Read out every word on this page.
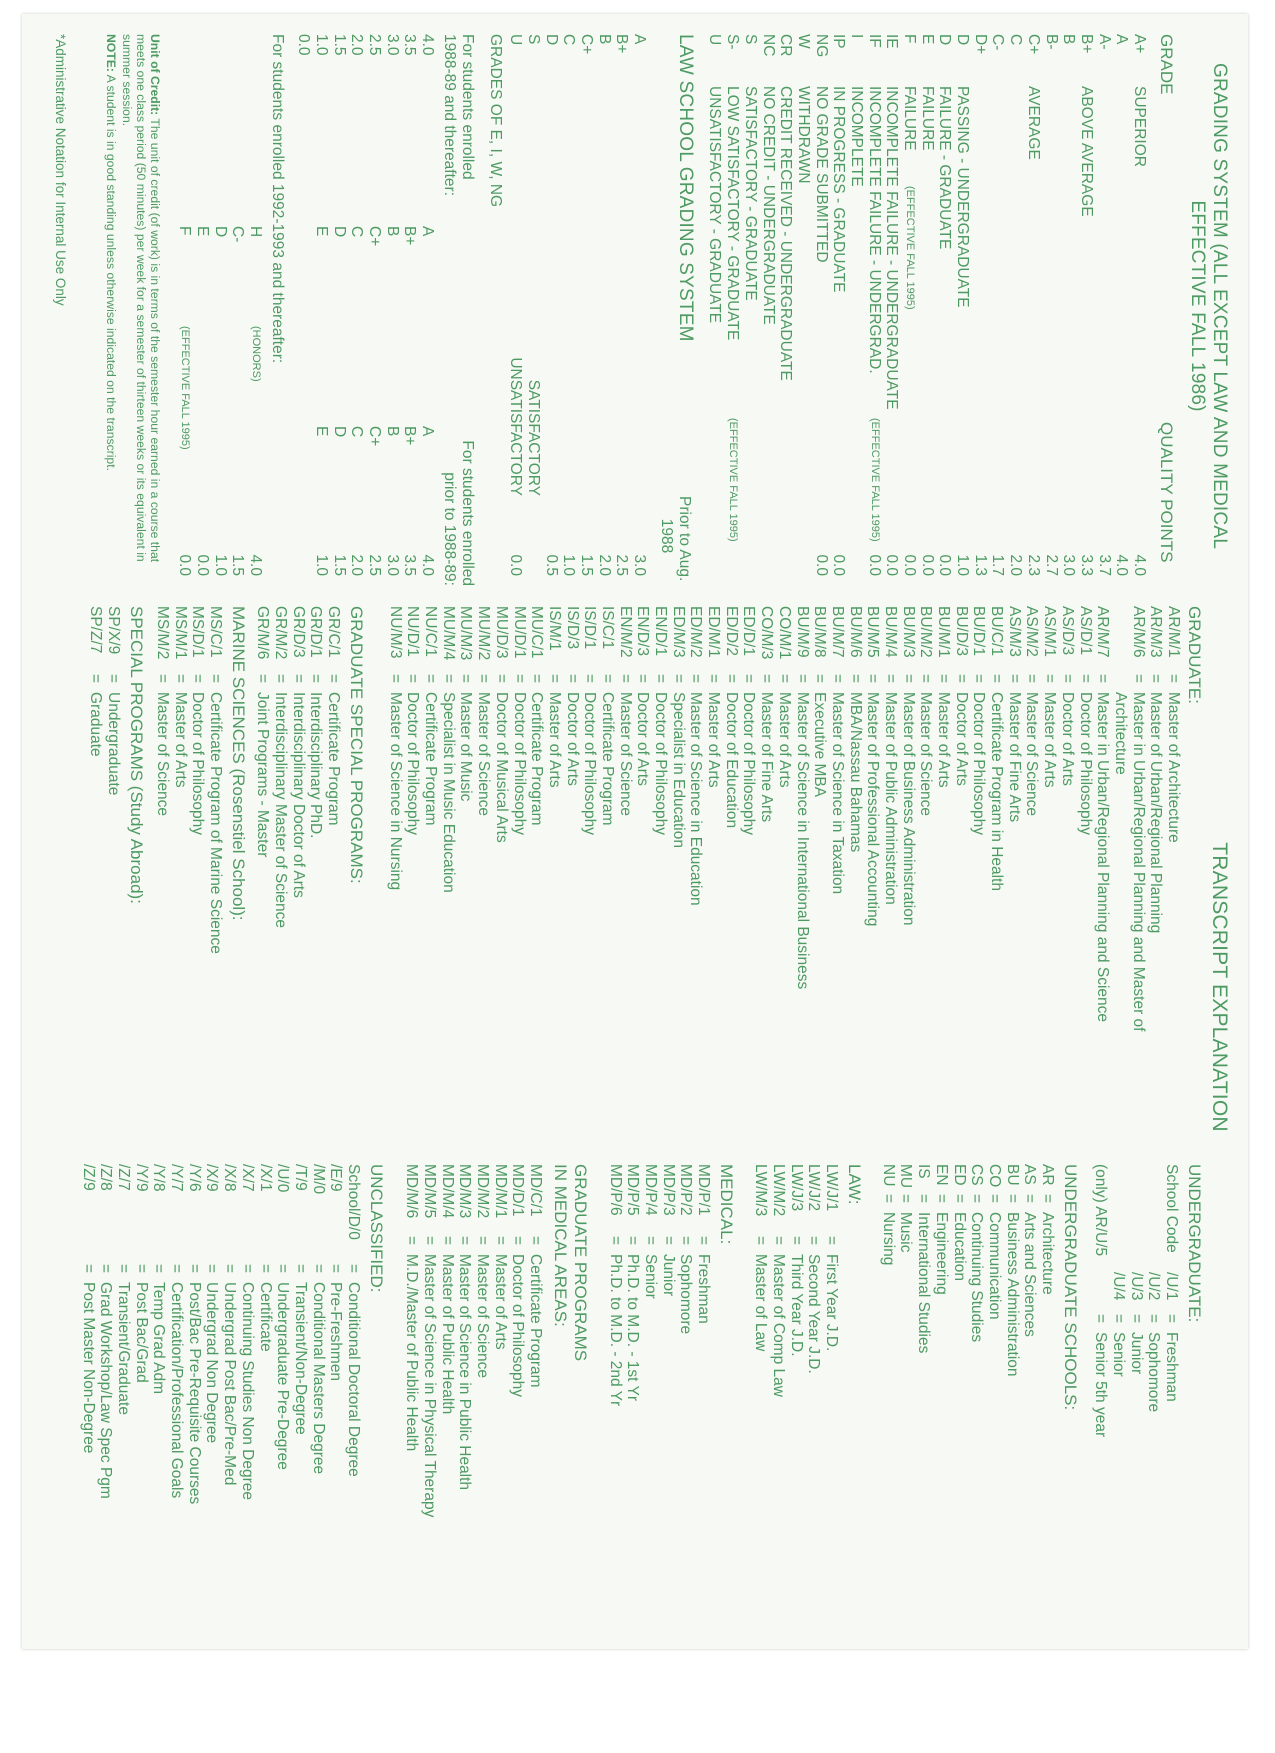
GRADING SYSTEM (ALL EXCEPT LAW AND MEDICAL
EFFECTIVE FALL 1986)
GRADE
QUALITY POINTS
A+
SUPERIOR
4.0
A
4.0
A-
3.7
B+
ABOVE AVERAGE
3.3
B
3.0
B-
2.7
C+
AVERAGE
2.3
C
2.0
C-
1.7
D+
1.3
D
PASSING - UNDERGRADUATE
1.0
D
FAILURE - GRADUATE
0.0
E
FAILURE
0.0
F
FAILURE
0.0
(EFFECTIVE FALL 1995)
IE
INCOMPLETE FAILURE - UNDERGRADUATE
0.0
IF
INCOMPLETE FAILURE - UNDERGRAD.
0.0
(EFFECTIVE FALL 1995)
I
INCOMPLETE
IP
IN PROGRESS - GRADUATE
0.0
NG
NO GRADE SUBMITTED
0.0
W
WITHDRAWN
CR
CREDIT RECEIVED - UNDERGRADUATE
NC
NO CREDIT - UNDERGRADUATE
S
SATISFACTORY - GRADUATE
S-
LOW SATISFACTORY - GRADUATE
(EFFECTIVE FALL 1995)
U
UNSATISFACTORY - GRADUATE
LAW SCHOOL GRADING SYSTEM
Prior to Aug.
1988
A
3.0
B+
2.5
B
2.0
C+
1.5
C
1.0
D
0.5
S
SATISFACTORY
U
0.0
UNSATISFACTORY
GRADES OF E, I, W, NG
For students enrolled
1988-89 and thereafter:
For students enrolled
prior to 1988-89:
4.0
A
A
4.0
3.5
B+
B+
3.5
3.0
B
B
3.0
2.5
C+
C+
2.5
2.0
C
C
2.0
1.5
D
D
1.5
1.0
E
E
1.0
0.0
For students enrolled 1992-1993 and thereafter:
H
4.0
(HONORS)
C-
1.5
D
1.0
E
0.0
F
0.0
(EFFECTIVE FALL 1995)
Unit of Credit: The unit of credit (of work) is in terms of the semester hour earned in a course that meets one class period (50 minutes) per week for a semester of thirteen weeks or its equivalent in summer session.
NOTE: A student is in good standing unless otherwise indicated on the transcript.
*Administrative Notation for Internal Use Only
TRANSCRIPT EXPLANATION
GRADUATE:
AR/M/1
Master of Architecture
=
AR/M/3
Master of Urban/Regional Planning
=
AR/M/6
Master in Urban/Regional Planning and Master of
=
Architecture
AR/M/7
Master in Urban/Regional Planning and Science
=
AS/D/1
Doctor of Philosophy
=
AS/D/3
Doctor of Arts
=
AS/M/1
Master of Arts
=
AS/M/2
Master of Science
=
AS/M/3
Master of Fine Arts
=
BU/C/1
Certificate Program in Health
=
BU/D/1
Doctor of Philosophy
=
BU/D/3
Doctor of Arts
=
BU/M/1
Master of Arts
=
BU/M/2
Master of Science
=
BU/M/3
Master of Business Administration
=
BU/M/4
Master of Public Administration
=
BU/M/5
Master of Professional Accounting
=
BU/M/6
MBA/Nassau Bahamas
=
BU/M/7
Master of Science in Taxation
=
BU/M/8
Executive MBA
=
BU/M/9
Master of Science in International Business
=
CO/M/1
Master of Arts
=
CO/M/3
Master of Fine Arts
=
ED/D/1
Doctor of Philosophy
=
ED/D/2
Doctor of Education
=
ED/M/1
Master of Arts
=
ED/M/2
Master of Science in Education
=
ED/M/3
Specialist in Education
=
EN/D/1
Doctor of Philosophy
=
EN/D/3
Doctor of Arts
=
EN/M/2
Master of Science
=
IS/C/1
Certificate Program
=
IS/D/1
Doctor of Philosophy
=
IS/D/3
Doctor of Arts
=
IS/M/1
Master of Arts
=
MU/C/1
Certificate Program
=
MU/D/1
Doctor of Philosophy
=
MU/D/3
Doctor of Musical Arts
=
MU/M/2
Master of Science
=
MU/M/3
Master of Music
=
MU/M/4
Specialist in Music Education
=
NU/C/1
Certificate Program
=
NU/D/1
Doctor of Philosophy
=
NU/M/3
Master of Science in Nursing
=
GRADUATE SPECIAL PROGRAMS:
GR/C/1
Certificate Program
=
GR/D/1
Interdisciplinary PhD.
=
GR/D/3
Interdisciplinary Doctor of Arts
=
GR/M/2
Interdisciplinary Master of Science
=
GR/M/6
Joint Programs - Master
=
MARINE SCIENCES (Rosenstiel School):
MS/C/1
Certificate Program of Marine Science
=
MS/D/1
Doctor of Philosophy
=
MS/M/1
Master of Arts
=
MS/M/2
Master of Science
=
SPECIAL PROGRAMS (Study Abroad):
SP/X/9
Undergraduate
=
SP/Z/7
Graduate
=
UNDERGRADUATE:
School Code
/U/1
Freshman
=
/U/2
Sophomore
=
/U/3
Junior
=
/U/4
Senior
=
(only) AR/U/5
Senior 5th year
=
UNDERGRADUATE SCHOOLS:
AR
Architecture
=
AS
Arts and Sciences
=
BU
Business Administration
=
CO
Communication
=
CS
Continuing Studies
=
ED
Education
=
EN
Engineering
=
IS
International Studies
=
MU
Music
=
NU
Nursing
=
LAW:
LW/J/1
First Year J.D.
=
LW/J/2
Second Year J.D.
=
LW/J/3
Third Year J.D.
=
LW/M/2
Master of Comp Law
=
LW/M/3
Master of Law
=
MEDICAL:
MD/P/1
Freshman
=
MD/P/2
Sophomore
=
MD/P/3
Junior
=
MD/P/4
Senior
=
MD/P/5
Ph.D. to M.D. - 1st Yr
=
MD/P/6
Ph.D. to M.D. - 2nd Yr
=
GRADUATE PROGRAMS
IN MEDICAL AREAS:
MD/C/1
Certificate Program
=
MD/D/1
Doctor of Philosophy
=
MD/M/1
Master of Arts
=
MD/M/2
Master of Science
=
MD/M/3
Master of Science in Public Health
=
MD/M/4
Master of Public Health
=
MD/M/5
Master of Science in Physical Therapy
=
MD/M/6
M.D./Master of Public Health
=
UNCLASSIFIED:
School/D/0
Conditional Doctoral Degree
=
/E/9
Pre-Freshmen
=
/M/0
Conditional Masters Degree
=
/T/9
Transient/Non-Degree
=
/U/0
Undergraduate Pre-Degree
=
/X/1
Certificate
=
/X/7
Continuing Studies Non Degree
=
/X/8
Undergrad Post Bac/Pre-Med
=
/X/9
Undergrad Non Degree
=
/Y/6
Post/Bac Pre-Requisite Courses
=
/Y/7
Certification/Professional Goals
=
/Y/8
Temp Grad Adm
=
/Y/9
Post Bac/Grad
=
/Z/7
Transient/Graduate
=
/Z/8
Grad Workshop/Law Spec Pgm
=
/Z/9
Post Master Non-Degree
=
